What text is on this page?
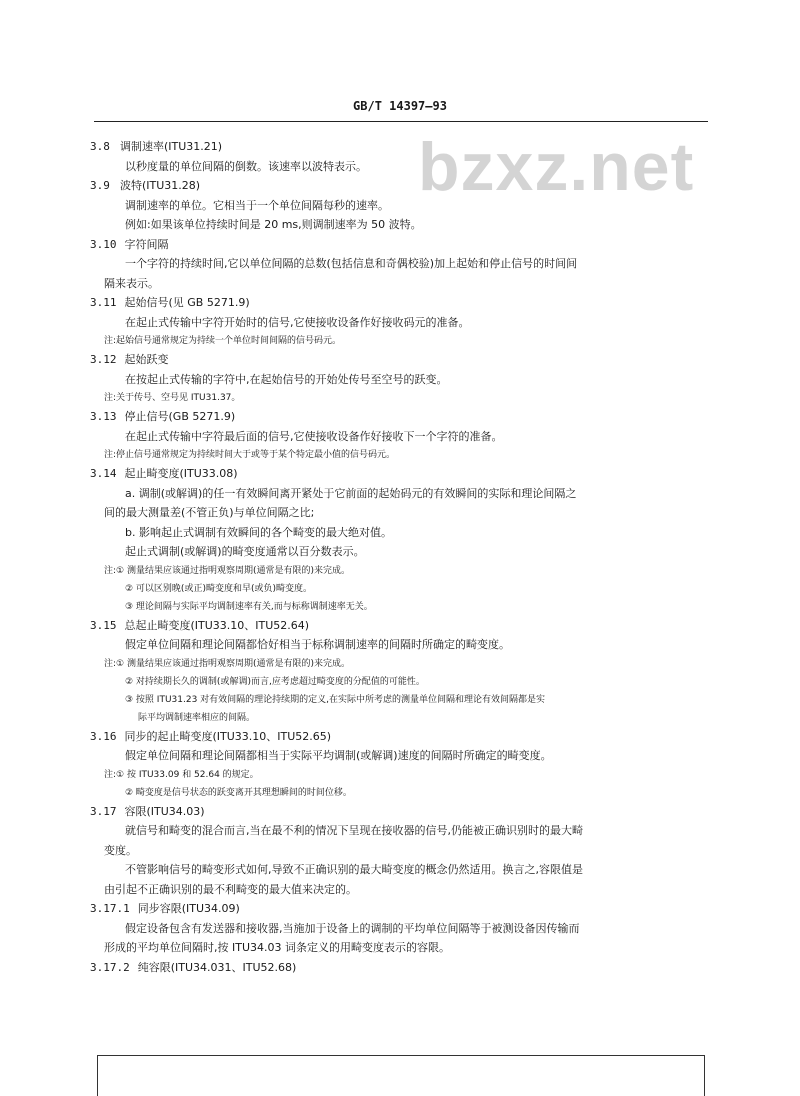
bzxz.net
GB/T 14397—93
3.8 调制速率(ITU31.21)
以秒度量的单位间隔的倒数。该速率以波特表示。
3.9 波特(ITU31.28)
调制速率的单位。它相当于一个单位间隔每秒的速率。
例如:如果该单位持续时间是 20 ms,则调制速率为 50 波特。
3.10 字符间隔
一个字符的持续时间,它以单位间隔的总数(包括信息和奇偶校验)加上起始和停止信号的时间间
隔来表示。
3.11 起始信号(见 GB 5271.9)
在起止式传输中字符开始时的信号,它使接收设备作好接收码元的准备。
注:起始信号通常规定为持续一个单位时间间隔的信号码元。
3.12 起始跃变
在按起止式传输的字符中,在起始信号的开始处传号至空号的跃变。
注:关于传号、空号见 ITU31.37。
3.13 停止信号(GB 5271.9)
在起止式传输中字符最后面的信号,它使接收设备作好接收下一个字符的准备。
注:停止信号通常规定为持续时间大于或等于某个特定最小值的信号码元。
3.14 起止畸变度(ITU33.08)
a. 调制(或解调)的任一有效瞬间离开紧处于它前面的起始码元的有效瞬间的实际和理论间隔之
间的最大测量差(不管正负)与单位间隔之比;
b. 影响起止式调制有效瞬间的各个畸变的最大绝对值。
起止式调制(或解调)的畸变度通常以百分数表示。
注:① 测量结果应该通过指明观察周期(通常是有限的)来完成。
② 可以区别晚(或正)畸变度和早(或负)畸变度。
③ 理论间隔与实际平均调制速率有关,而与标称调制速率无关。
3.15 总起止畸变度(ITU33.10、ITU52.64)
假定单位间隔和理论间隔都恰好相当于标称调制速率的间隔时所确定的畸变度。
注:① 测量结果应该通过指明观察周期(通常是有限的)来完成。
② 对持续期长久的调制(或解调)而言,应考虑超过畸变度的分配值的可能性。
③ 按照 ITU31.23 对有效间隔的理论持续期的定义,在实际中所考虑的测量单位间隔和理论有效间隔都是实
际平均调制速率相应的间隔。
3.16 同步的起止畸变度(ITU33.10、ITU52.65)
假定单位间隔和理论间隔都相当于实际平均调制(或解调)速度的间隔时所确定的畸变度。
注:① 按 ITU33.09 和 52.64 的规定。
② 畸变度是信号状态的跃变离开其理想瞬间的时间位移。
3.17 容限(ITU34.03)
就信号和畸变的混合而言,当在最不利的情况下呈现在接收器的信号,仍能被正确识别时的最大畸
变度。
不管影响信号的畸变形式如何,导致不正确识别的最大畸变度的概念仍然适用。换言之,容限值是
由引起不正确识别的最不利畸变的最大值来决定的。
3.17.1 同步容限(ITU34.09)
假定设备包含有发送器和接收器,当施加于设备上的调制的平均单位间隔等于被测设备因传输而
形成的平均单位间隔时,按 ITU34.03 词条定义的用畸变度表示的容限。
3.17.2 纯容限(ITU34.031、ITU52.68)
